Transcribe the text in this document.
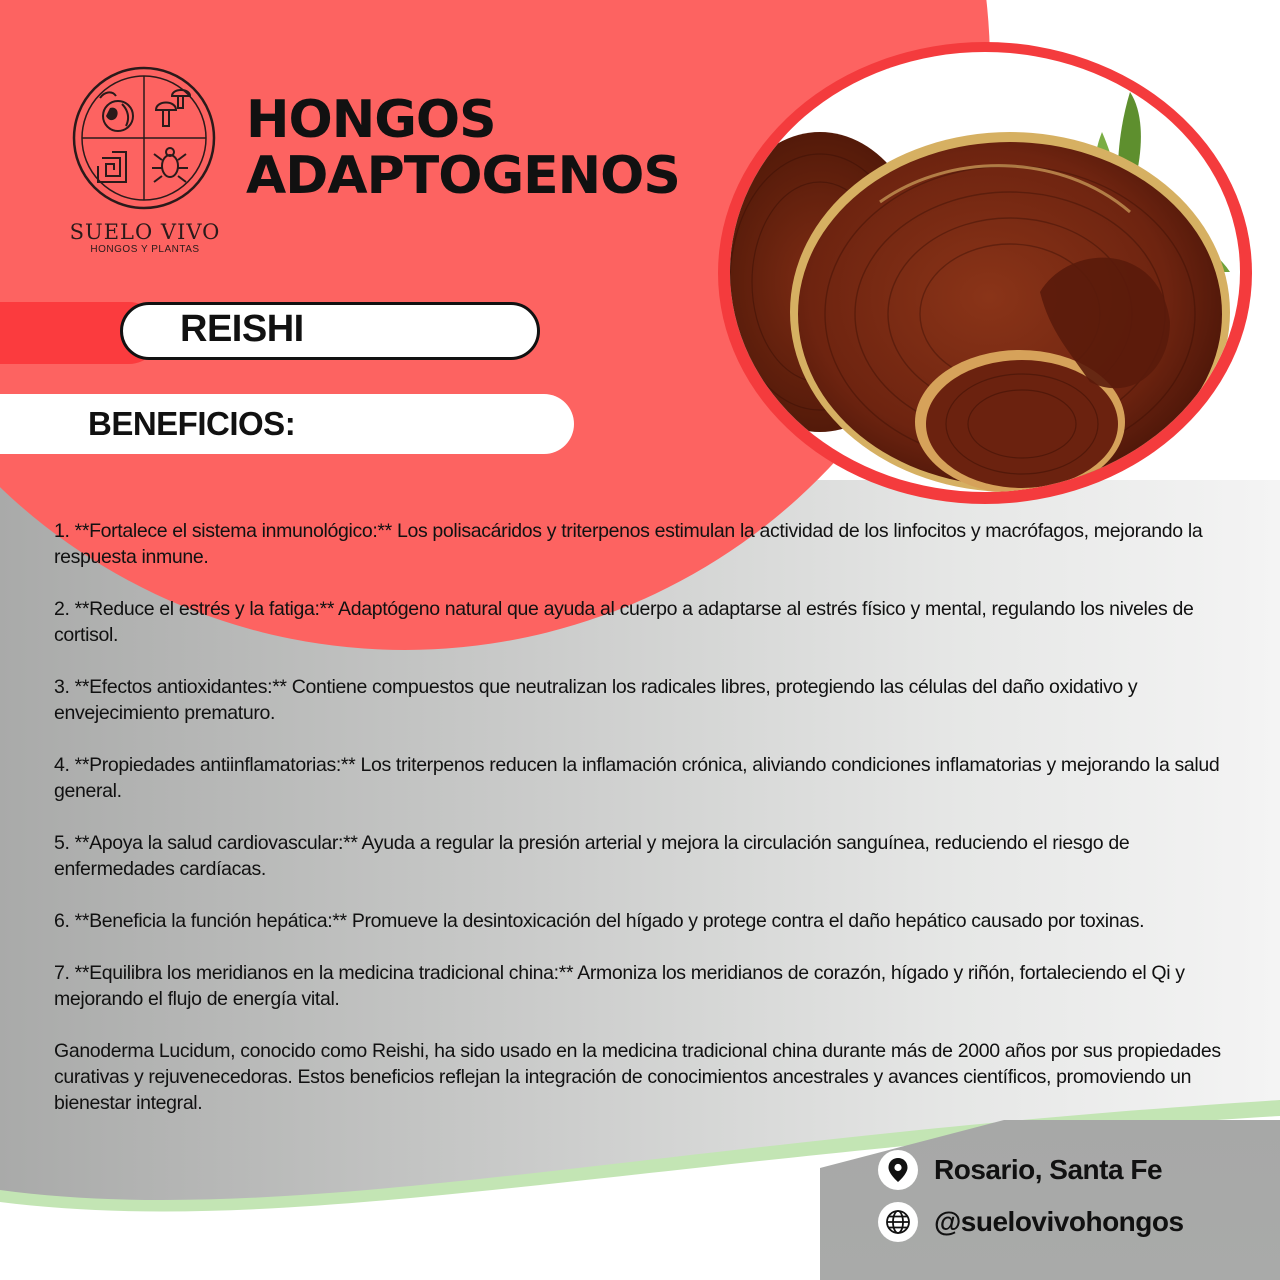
SUELO VIVO
HONGOS Y PLANTAS
HONGOS
ADAPTOGENOS
REISHI
BENEFICIOS:

1. **Fortalece el sistema inmunológico:** Los polisacáridos y triterpenos estimulan la actividad de los linfocitos y macrófagos, mejorando la respuesta inmune.

2. **Reduce el estrés y la fatiga:** Adaptógeno natural que ayuda al cuerpo a adaptarse al estrés físico y mental, regulando los niveles de cortisol.

3. **Efectos antioxidantes:** Contiene compuestos que neutralizan los radicales libres, protegiendo las células del daño oxidativo y envejecimiento prematuro.

4. **Propiedades antiinflamatorias:** Los triterpenos reducen la inflamación crónica, aliviando condiciones inflamatorias y mejorando la salud general.

5. **Apoya la salud cardiovascular:** Ayuda a regular la presión arterial y mejora la circulación sanguínea, reduciendo el riesgo de enfermedades cardíacas.

6. **Beneficia la función hepática:** Promueve la desintoxicación del hígado y protege contra el daño hepático causado por toxinas.

7. **Equilibra los meridianos en la medicina tradicional china:** Armoniza los meridianos de corazón, hígado y riñón, fortaleciendo el Qi y mejorando el flujo de energía vital.

Ganoderma Lucidum, conocido como Reishi, ha sido usado en la medicina tradicional china durante más de 2000 años por sus propiedades curativas y rejuvenecedoras. Estos beneficios reflejan la integración de conocimientos ancestrales y avances científicos, promoviendo un bienestar integral.

Rosario, Santa Fe
@suelovivohongos
